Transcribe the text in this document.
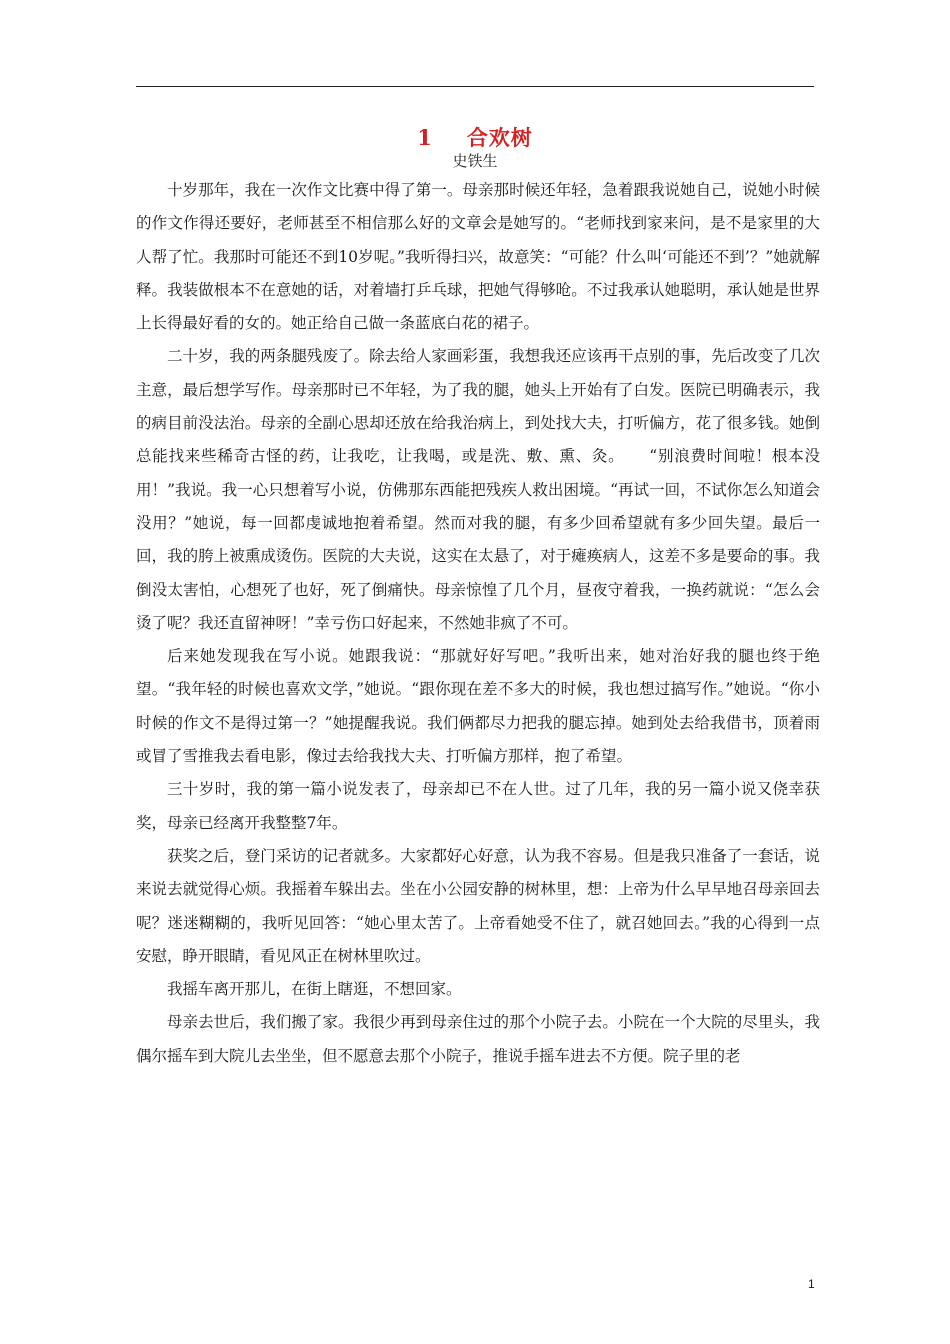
1 合欢树
史铁生

十岁那年，我在一次作文比赛中得了第一。母亲那时候还年轻，急着跟我说她自己，说她小时候的作文作得还要好，老师甚至不相信那么好的文章会是她写的。“老师找到家来问，是不是家里的大人帮了忙。我那时可能还不到10岁呢。”我听得扫兴，故意笑：“可能？什么叫‘可能还不到’？”她就解释。我装做根本不在意她的话，对着墙打乒乓球，把她气得够呛。不过我承认她聪明，承认她是世界上长得最好看的女的。她正给自己做一条蓝底白花的裙子。

二十岁，我的两条腿残废了。除去给人家画彩蛋，我想我还应该再干点别的事，先后改变了几次主意，最后想学写作。母亲那时已不年轻，为了我的腿，她头上开始有了白发。医院已明确表示，我的病目前没法治。母亲的全副心思却还放在给我治病上，到处找大夫，打听偏方，花了很多钱。她倒总能找来些稀奇古怪的药，让我吃，让我喝，或是洗、敷、熏、灸。　　“别浪费时间啦！根本没用！”我说。我一心只想着写小说，仿佛那东西能把残疾人救出困境。“再试一回，不试你怎么知道会没用？”她说，每一回都虔诚地抱着希望。然而对我的腿，有多少回希望就有多少回失望。最后一回，我的胯上被熏成烫伤。医院的大夫说，这实在太悬了，对于瘫痪病人，这差不多是要命的事。我倒没太害怕，心想死了也好，死了倒痛快。母亲惊惶了几个月，昼夜守着我，一换药就说：“怎么会烫了呢？我还直留神呀！”幸亏伤口好起来，不然她非疯了不可。

后来她发现我在写小说。她跟我说：“那就好好写吧。”我听出来，她对治好我的腿也终于绝望。“我年轻的时候也喜欢文学，”她说。“跟你现在差不多大的时候，我也想过搞写作。”她说。“你小时候的作文不是得过第一？”她提醒我说。我们俩都尽力把我的腿忘掉。她到处去给我借书，顶着雨或冒了雪推我去看电影，像过去给我找大夫、打听偏方那样，抱了希望。

三十岁时，我的第一篇小说发表了，母亲却已不在人世。过了几年，我的另一篇小说又侥幸获奖，母亲已经离开我整整7年。

获奖之后，登门采访的记者就多。大家都好心好意，认为我不容易。但是我只准备了一套话，说来说去就觉得心烦。我摇着车躲出去。坐在小公园安静的树林里，想：上帝为什么早早地召母亲回去呢？迷迷糊糊的，我听见回答：“她心里太苦了。上帝看她受不住了，就召她回去。”我的心得到一点安慰，睁开眼睛，看见风正在树林里吹过。

我摇车离开那儿，在街上瞎逛，不想回家。

母亲去世后，我们搬了家。我很少再到母亲住过的那个小院子去。小院在一个大院的尽里头，我偶尔摇车到大院儿去坐坐，但不愿意去那个小院子，推说手摇车进去不方便。院子里的老

1
